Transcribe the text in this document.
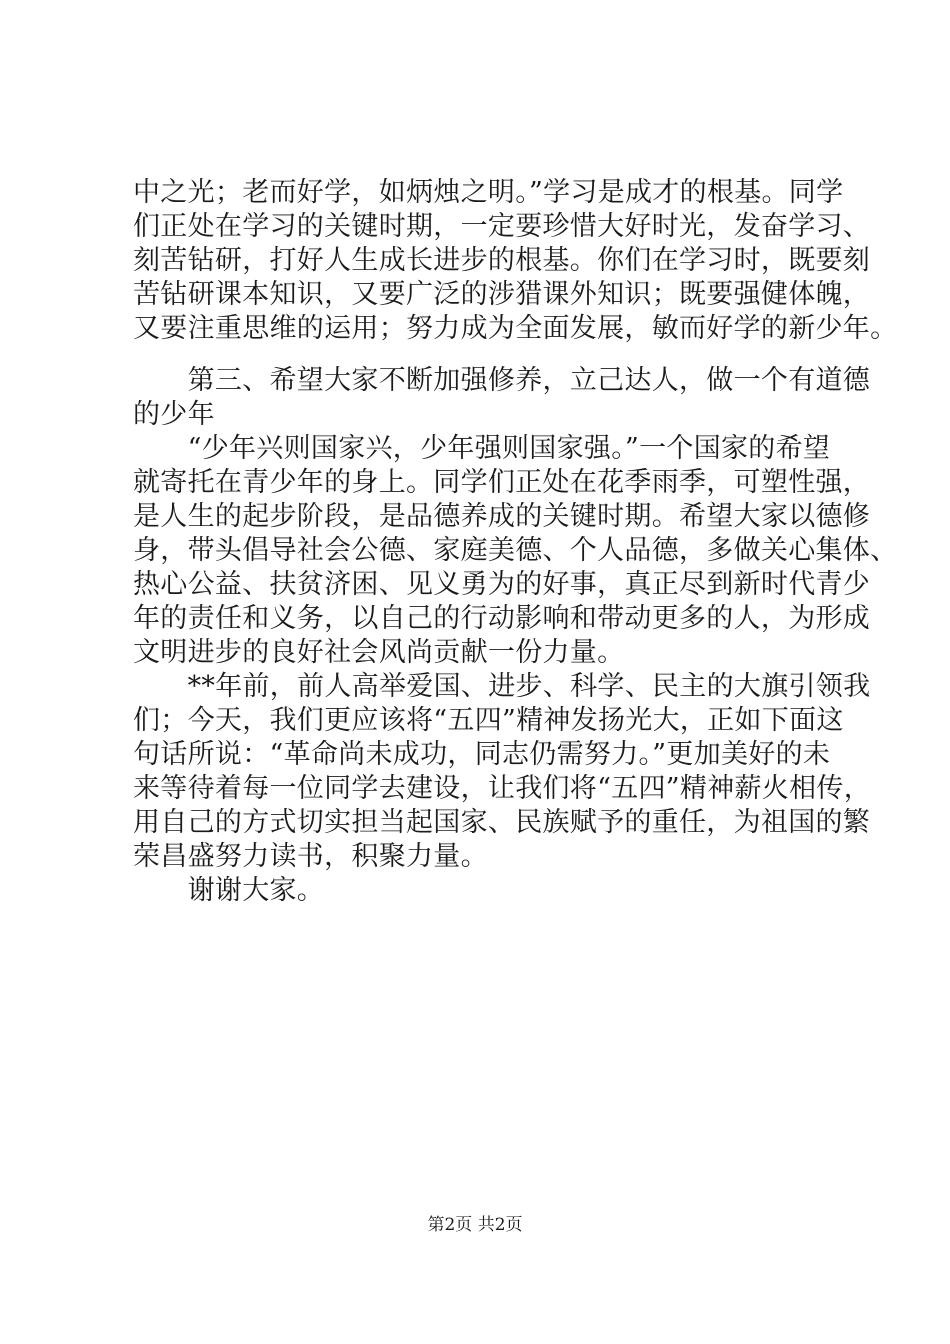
中之光；老而好学，如炳烛之明。”学习是成才的根基。同学
们正处在学习的关键时期，一定要珍惜大好时光，发奋学习、
刻苦钻研，打好人生成长进步的根基。你们在学习时，既要刻
苦钻研课本知识，又要广泛的涉猎课外知识；既要强健体魄，
又要注重思维的运用；努力成为全面发展，敏而好学的新少年。
　　第三、希望大家不断加强修养，立己达人，做一个有道德
的少年
　　“少年兴则国家兴，少年强则国家强。”一个国家的希望
就寄托在青少年的身上。同学们正处在花季雨季，可塑性强，
是人生的起步阶段，是品德养成的关键时期。希望大家以德修
身，带头倡导社会公德、家庭美德、个人品德，多做关心集体、
热心公益、扶贫济困、见义勇为的好事，真正尽到新时代青少
年的责任和义务，以自己的行动影响和带动更多的人，为形成
文明进步的良好社会风尚贡献一份力量。
　　**年前，前人高举爱国、进步、科学、民主的大旗引领我
们；今天，我们更应该将“五四”精神发扬光大，正如下面这
句话所说：“革命尚未成功，同志仍需努力。”更加美好的未
来等待着每一位同学去建设，让我们将“五四”精神薪火相传，
用自己的方式切实担当起国家、民族赋予的重任，为祖国的繁
荣昌盛努力读书，积聚力量。
　　谢谢大家。
第2页 共2页
